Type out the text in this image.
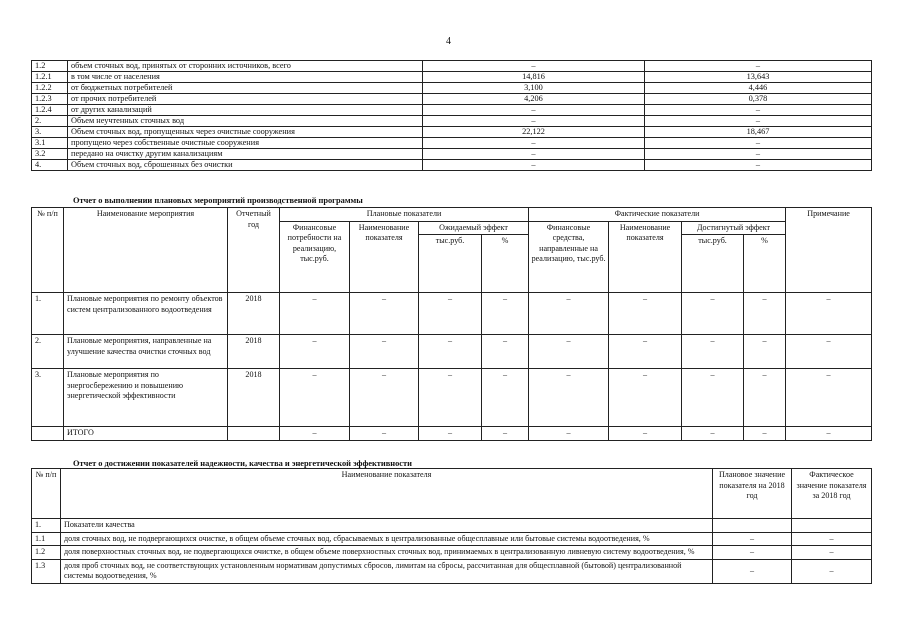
4
1.2	объем сточных вод, принятых от сторонних источников, всего	–	–
1.2.1	в том числе от населения	14,816	13,643
1.2.2	от бюджетных потребителей	3,100	4,446
1.2.3	от прочих потребителей	4,206	0,378
1.2.4	от других канализаций	–	–
2.	Объем неучтенных сточных вод	–	–
3.	Объем сточных вод, пропущенных через очистные сооружения	22,122	18,467
3.1	пропущено через собственные очистные сооружения	–	–
3.2	передано на очистку другим канализациям	–	–
4.	Объем сточных вод, сброшенных без очистки	–	–
Отчет о выполнении плановых мероприятий производственной программы
№ п/п	Наименование мероприятия	Отчетный год	Плановые показатели				Фактические показатели				Примечание
			Финансовые потребности на реализацию, тыс.руб.	Наименование показателя	Ожидаемый эффект		Финансовые средства, направленные на реализацию, тыс.руб.	Наименование показателя	Достигнутый эффект		
					тыс.руб.	%			тыс.руб.	%	
1.	Плановые мероприятия по ремонту объектов систем централизованного водоотведения	2018	–	–	–	–	–	–	–	–	–
2.	Плановые мероприятия, направленные на улучшение качества очистки сточных вод	2018	–	–	–	–	–	–	–	–	–
3.	Плановые мероприятия по энергосбережению и повышению энергетической эффективности	2018	–	–	–	–	–	–	–	–	–
	ИТОГО		–	–	–	–	–	–	–	–	–
Отчет о достижении показателей надежности, качества и энергетической эффективности
№ п/п	Наименование показателя	Плановое значение показателя на 2018 год	Фактическое значение показателя за 2018 год
1.	Показатели качества		
1.1	доля сточных вод, не подвергающихся очистке, в общем объеме сточных вод, сбрасываемых в централизованные общесплавные или бытовые системы водоотведения, %	–	–
1.2	доля поверхностных сточных вод, не подвергающихся очистке, в общем объеме поверхностных сточных вод, принимаемых в централизованную ливневую систему водоотведения, %	–	–
1.3	доля проб сточных вод, не соответствующих установленным нормативам допустимых сбросов, лимитам на сбросы, рассчитанная для общесплавной (бытовой) централизованной системы водоотведения, %	–	–
